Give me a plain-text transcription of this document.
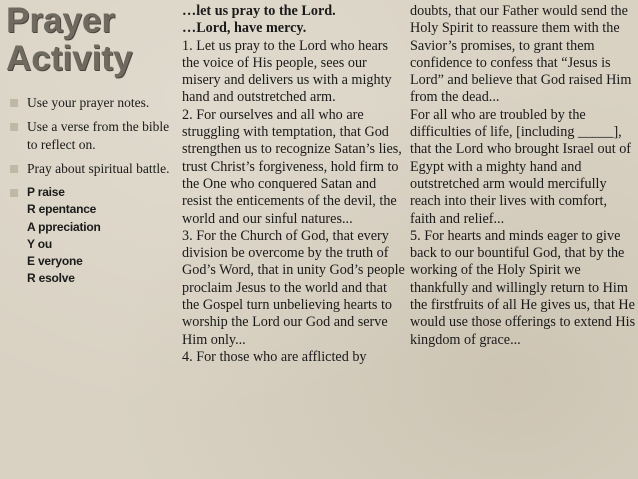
Prayer
Activity
Use your prayer notes.
Use a verse from the bible to reflect on.
Pray about spiritual battle.
P raise
R epentance
A ppreciation
Y ou
E veryone
R esolve

…let us pray to the Lord.

…Lord, have mercy.

1. Let us pray to the Lord who hears the voice of His people, sees our misery and delivers us with a mighty hand and outstretched arm.

2. For ourselves and all who are struggling with temptation, that God strengthen us to recognize Satan’s lies, trust Christ’s forgiveness, hold firm to the One who conquered Satan and resist the enticements of the devil, the world and our sinful natures...

3. For the Church of God, that every division be overcome by the truth of God’s Word, that in unity God’s people proclaim Jesus to the world and that the Gospel turn unbelieving hearts to worship the Lord our God and serve Him only...

4. For those who are afflicted by

doubts, that our Father would send the Holy Spirit to reassure them with the Savior’s promises, to grant them confidence to confess that “Jesus is Lord” and believe that God raised Him from the dead...

For all who are troubled by the difficulties of life, [including _____], that the Lord who brought Israel out of Egypt with a mighty hand and outstretched arm would mercifully reach into their lives with comfort, faith and relief...

5. For hearts and minds eager to give back to our bountiful God, that by the working of the Holy Spirit we thankfully and willingly return to Him the firstfruits of all He gives us, that He would use those offerings to extend His kingdom of grace...
